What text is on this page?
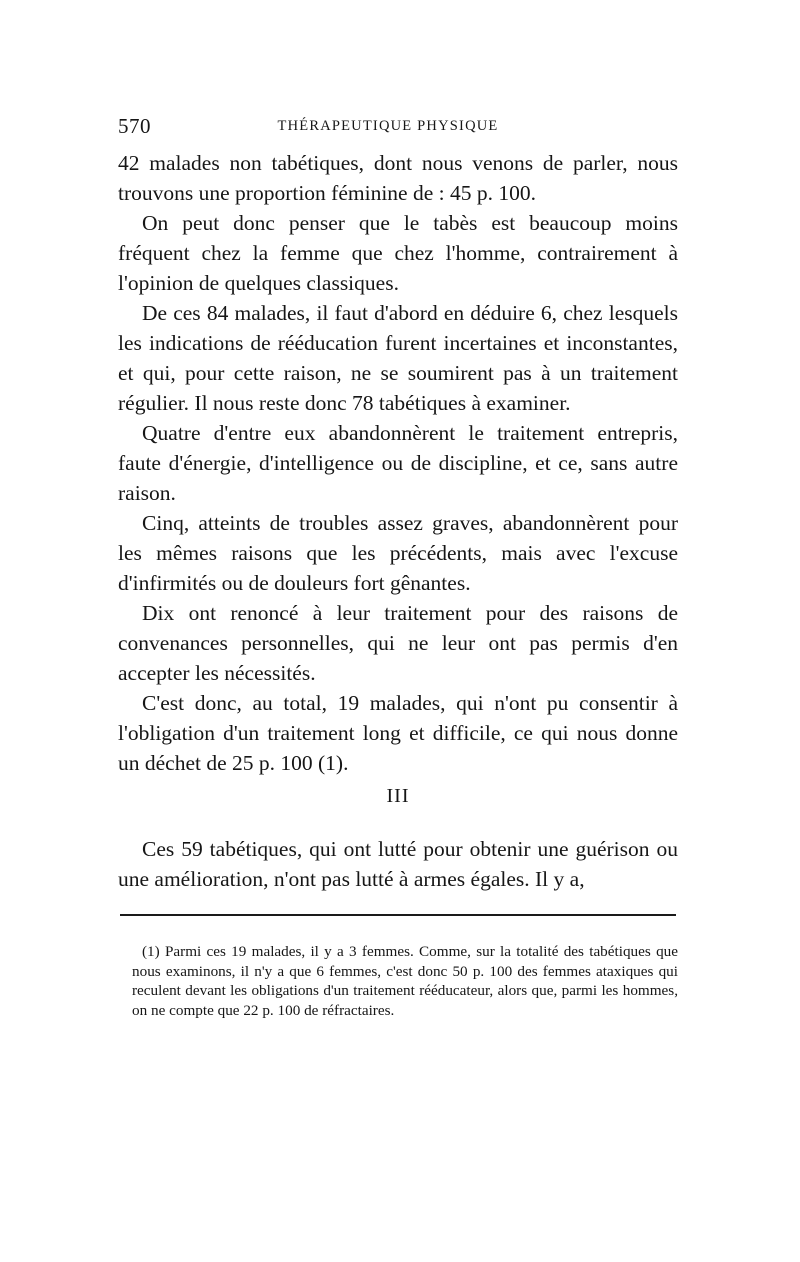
570	THÉRAPEUTIQUE PHYSIQUE

42 malades non tabétiques, dont nous venons de parler, nous trouvons une proportion féminine de : 45 p. 100.

On peut donc penser que le tabès est beaucoup moins fréquent chez la femme que chez l'homme, contrairement à l'opinion de quelques classiques.

De ces 84 malades, il faut d'abord en déduire 6, chez lesquels les indications de rééducation furent incertaines et inconstantes, et qui, pour cette raison, ne se soumirent pas à un traitement régulier. Il nous reste donc 78 tabétiques à examiner.

Quatre d'entre eux abandonnèrent le traitement entrepris, faute d'énergie, d'intelligence ou de discipline, et ce, sans autre raison.

Cinq, atteints de troubles assez graves, abandonnèrent pour les mêmes raisons que les précédents, mais avec l'excuse d'infirmités ou de douleurs fort gênantes.

Dix ont renoncé à leur traitement pour des raisons de convenances personnelles, qui ne leur ont pas permis d'en accepter les nécessités.

C'est donc, au total, 19 malades, qui n'ont pu consentir à l'obligation d'un traitement long et difficile, ce qui nous donne un déchet de 25 p. 100 (1).

III

Ces 59 tabétiques, qui ont lutté pour obtenir une guérison ou une amélioration, n'ont pas lutté à armes égales. Il y a,

(1) Parmi ces 19 malades, il y a 3 femmes. Comme, sur la totalité des tabétiques que nous examinons, il n'y a que 6 femmes, c'est donc 50 p. 100 des femmes ataxiques qui reculent devant les obligations d'un traitement rééducateur, alors que, parmi les hommes, on ne compte que 22 p. 100 de réfractaires.
